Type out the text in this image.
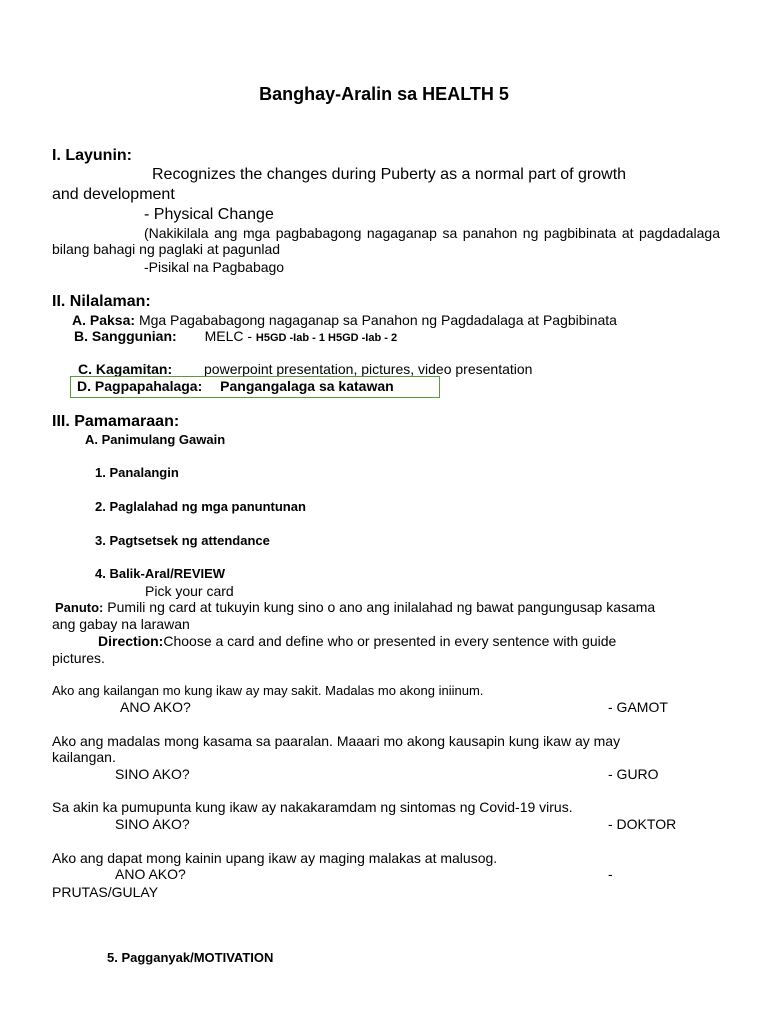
Banghay-Aralin sa HEALTH 5
I. Layunin:
Recognizes the changes during Puberty as a normal part of growth
and development
- Physical Change
(Nakikilala ang mga pagbabagong nagaganap sa panahon ng pagbibinata at pagdadalaga bilang bahagi ng paglaki at pagunlad
-Pisikal na Pagbabago
II. Nilalaman:
A. Paksa: Mga Pagababagong nagaganap sa Panahon ng Pagdadalaga at Pagbibinata
B. Sanggunian: MELC - H5GD -Iab - 1 H5GD -Iab - 2
C. Kagamitan: powerpoint presentation, pictures, video presentation
D. Pagpapahalaga: Pangangalaga sa katawan
III. Pamamaraan:
A. Panimulang Gawain
1. Panalangin
2. Paglalahad ng mga panuntunan
3. Pagtsetsek ng attendance
4. Balik-Aral/REVIEW
Pick your card
Panuto: Pumili ng card at tukuyin kung sino o ano ang inilalahad ng bawat pangungusap kasama
ang gabay na larawan
Direction:Choose a card and define who or presented in every sentence with guide
pictures.
Ako ang kailangan mo kung ikaw ay may sakit. Madalas mo akong iniinum.
ANO AKO?	- GAMOT
Ako ang madalas mong kasama sa paaralan. Maaari mo akong kausapin kung ikaw ay may
kailangan.
SINO AKO?	- GURO
Sa akin ka pumupunta kung ikaw ay nakakaramdam ng sintomas ng Covid-19 virus.
SINO AKO?	- DOKTOR
Ako ang dapat mong kainin upang ikaw ay maging malakas at malusog.
ANO AKO?	-
PRUTAS/GULAY
5. Pagganyak/MOTIVATION
